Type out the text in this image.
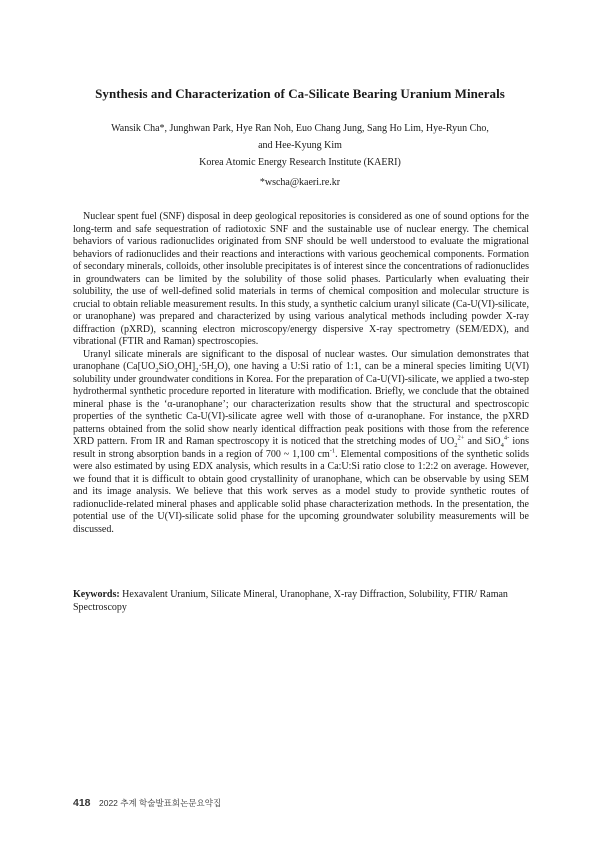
Synthesis and Characterization of Ca-Silicate Bearing Uranium Minerals
Wansik Cha*, Junghwan Park, Hye Ran Noh, Euo Chang Jung, Sang Ho Lim, Hye-Ryun Cho,
and Hee-Kyung Kim
Korea Atomic Energy Research Institute (KAERI)
*wscha@kaeri.re.kr

Nuclear spent fuel (SNF) disposal in deep geological repositories is considered as one of sound options for the long-term and safe sequestration of radiotoxic SNF and the sustainable use of nuclear energy. The chemical behaviors of various radionuclides originated from SNF should be well understood to evaluate the migrational behaviors of radionuclides and their reactions and interactions with various geochemical components. Formation of secondary minerals, colloids, other insoluble precipitates is of interest since the concentrations of radionuclides in groundwaters can be limited by the solubility of those solid phases. Particularly when evaluating their solubility, the use of well-defined solid materials in terms of chemical composition and molecular structure is crucial to obtain reliable measurement results. In this study, a synthetic calcium uranyl silicate (Ca-U(VI)-silicate, or uranophane) was prepared and characterized by using various analytical methods including powder X-ray diffraction (pXRD), scanning electron microscopy/energy dispersive X-ray spectrometry (SEM/EDX), and vibrational (FTIR and Raman) spectroscopies.

Uranyl silicate minerals are significant to the disposal of nuclear wastes. Our simulation demonstrates that uranophane $(Ca[UO_2SiO_3OH]_2\cdot 5H_2O)$, one having a U:Si ratio of 1:1, can be a mineral species limiting U(VI) solubility under groundwater conditions in Korea. For the preparation of Ca-U(VI)-silicate, we applied a two-step hydrothermal synthetic procedure reported in literature with modification. Briefly, we conclude that the obtained mineral phase is the ‘α-uranophane’; our characterization results show that the structural and spectroscopic properties of the synthetic Ca-U(VI)-silicate agree well with those of α-uranophane. For instance, the pXRD patterns obtained from the solid show nearly identical diffraction peak positions with those from the reference XRD pattern. From IR and Raman spectroscopy it is noticed that the stretching modes of $UO_2^{2+}$ and SiO$_4^{4-}$ ions result in strong absorption bands in a region of 700 ~ 1,100 $cm^{-1}$. Elemental compositions of the synthetic solids were also estimated by using EDX analysis, which results in a Ca:U:Si ratio close to 1:2:2 on average. However, we found that it is difficult to obtain good crystallinity of uranophane, which can be observable by using SEM and its image analysis. We believe that this work serves as a model study to provide synthetic routes of radionuclide-related mineral phases and applicable solid phase characterization methods. In the presentation, the potential use of the U(VI)-silicate solid phase for the upcoming groundwater solubility measurements will be discussed.

Keywords: Hexavalent Uranium, Silicate Mineral, Uranophane, X-ray Diffraction, Solubility, FTIR/ Raman Spectroscopy
418 2022 추계 학술발표회논문요약집
